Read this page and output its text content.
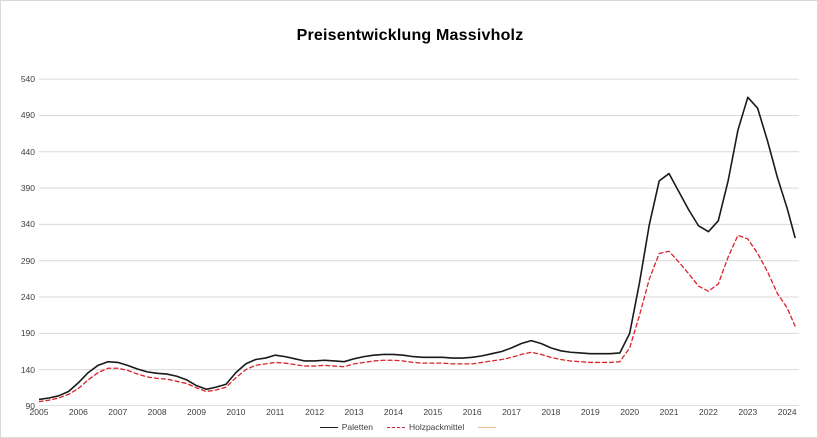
Preisentwicklung Massivholz
90
140
190
240
290
340
390
440
490
540
2005 2006 2007 2008 2009 2010 2011 2012 2013 2014 2015 2016 2017 2018 2019 2020 2021 2022 2023 2024
Paletten	Holzpackmittel
